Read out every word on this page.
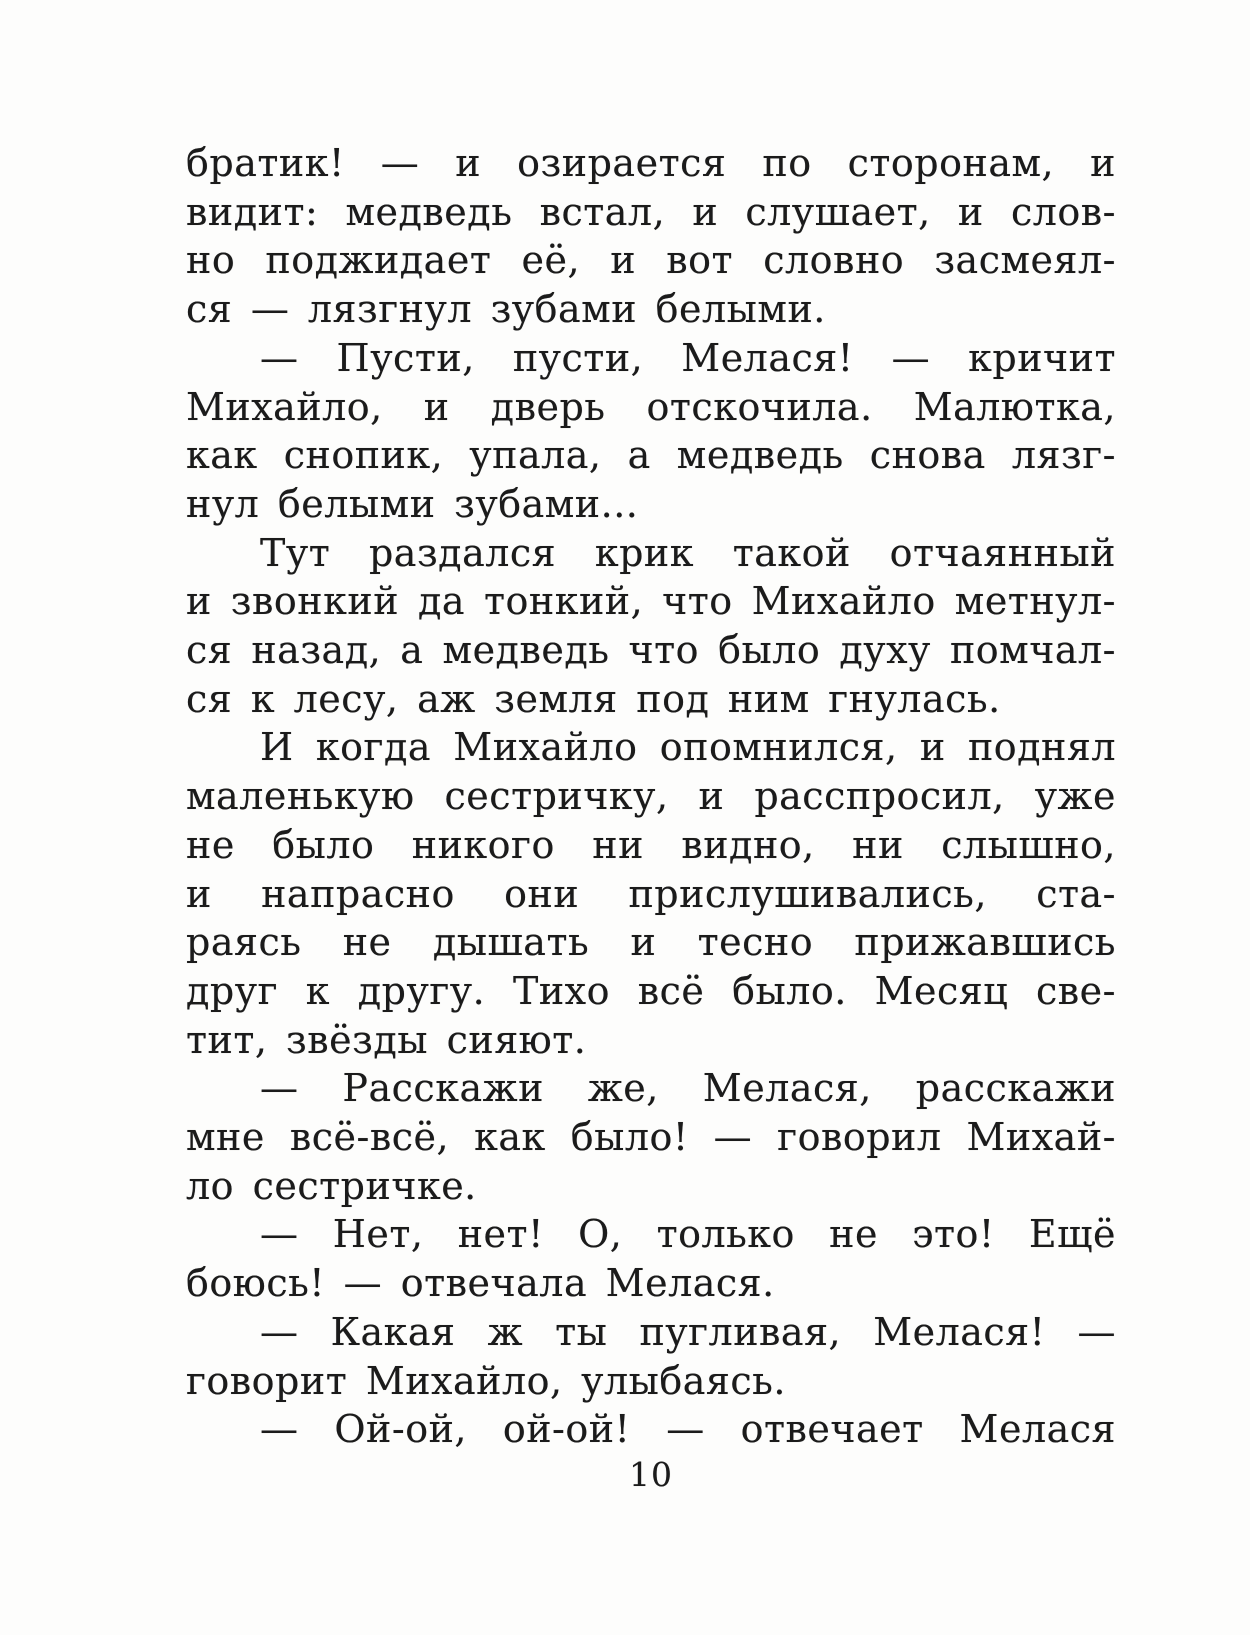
братик! — и озирается по сторонам, и
видит: медведь встал, и слушает, и слов-
но поджидает её, и вот словно засмеял-
ся — лязгнул зубами белыми.
— Пусти, пусти, Мелася! — кричит
Михайло, и дверь отскочила. Малютка,
как снопик, упала, а медведь снова лязг-
нул белыми зубами...
Тут раздался крик такой отчаянный
и звонкий да тонкий, что Михайло метнул-
ся назад, а медведь что было духу помчал-
ся к лесу, аж земля под ним гнулась.
И когда Михайло опомнился, и поднял
маленькую сестричку, и расспросил, уже
не было никого ни видно, ни слышно,
и напрасно они прислушивались, ста-
раясь не дышать и тесно прижавшись
друг к другу. Тихо всё было. Месяц све-
тит, звёзды сияют.
— Расскажи же, Мелася, расскажи
мне всё-всё, как было! — говорил Михай-
ло сестричке.
— Нет, нет! О, только не это! Ещё
боюсь! — отвечала Мелася.
— Какая ж ты пугливая, Мелася! —
говорит Михайло, улыбаясь.
— Ой-ой, ой-ой! — отвечает Мелася
10
